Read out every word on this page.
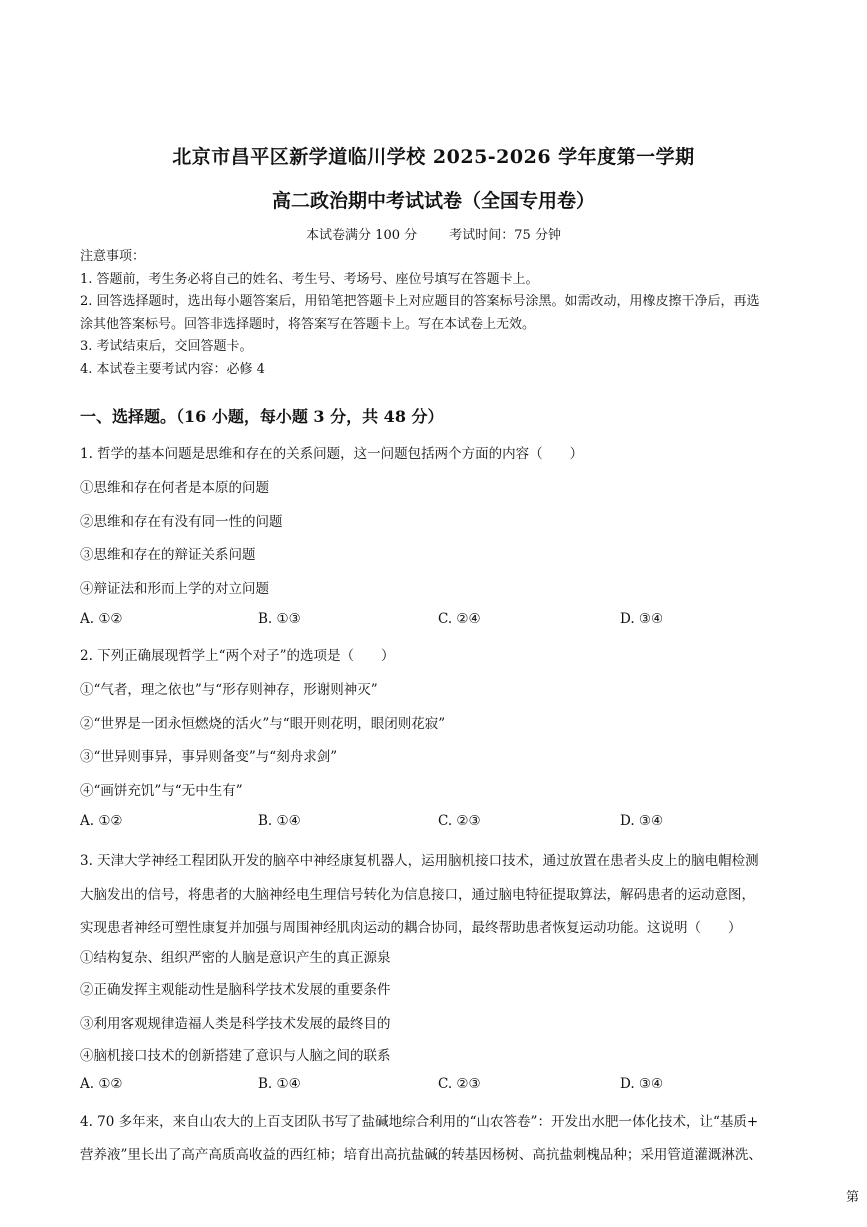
北京市昌平区新学道临川学校 2025-2026 学年度第一学期
高二政治期中考试试卷（全国专用卷）
本试卷满分 100 分 考试时间：75 分钟
注意事项：
1. 答题前，考生务必将自己的姓名、考生号、考场号、座位号填写在答题卡上。
2. 回答选择题时，选出每小题答案后，用铅笔把答题卡上对应题目的答案标号涂黑。如需改动，用橡皮擦干净后，再选
涂其他答案标号。回答非选择题时，将答案写在答题卡上。写在本试卷上无效。
3. 考试结束后，交回答题卡。
4. 本试卷主要考试内容：必修 4
一、选择题。（16 小题，每小题 3 分，共 48 分）
1. 哲学的基本问题是思维和存在的关系问题，这一问题包括两个方面的内容（　　）
①思维和存在何者是本原的问题
②思维和存在有没有同一性的问题
③思维和存在的辩证关系问题
④辩证法和形而上学的对立问题
A. ①②	B. ①③	C. ②④	D. ③④
2. 下列正确展现哲学上“两个对子”的选项是（　　）
①“气者，理之依也”与“形存则神存，形谢则神灭”
②“世界是一团永恒燃烧的活火”与“眼开则花明，眼闭则花寂”
③“世异则事异，事异则备变”与“刻舟求剑”
④“画饼充饥”与“无中生有”
A. ①②	B. ①④	C. ②③	D. ③④
3. 天津大学神经工程团队开发的脑卒中神经康复机器人，运用脑机接口技术，通过放置在患者头皮上的脑电帽检测
大脑发出的信号，将患者的大脑神经电生理信号转化为信息接口，通过脑电特征提取算法，解码患者的运动意图，
实现患者神经可塑性康复并加强与周围神经肌肉运动的耦合协同，最终帮助患者恢复运动功能。这说明（　　）
①结构复杂、组织严密的人脑是意识产生的真正源泉
②正确发挥主观能动性是脑科学技术发展的重要条件
③利用客观规律造福人类是科学技术发展的最终目的
④脑机接口技术的创新搭建了意识与人脑之间的联系
A. ①②	B. ①④	C. ②③	D. ③④
4. 70 多年来，来自山农大的上百支团队书写了盐碱地综合利用的“山农答卷”：开发出水肥一体化技术，让“基质+
营养液”里长出了高产高质高收益的西红柿；培育出高抗盐碱的转基因杨树、高抗盐刺槐品种；采用管道灌溉淋洗、
第
